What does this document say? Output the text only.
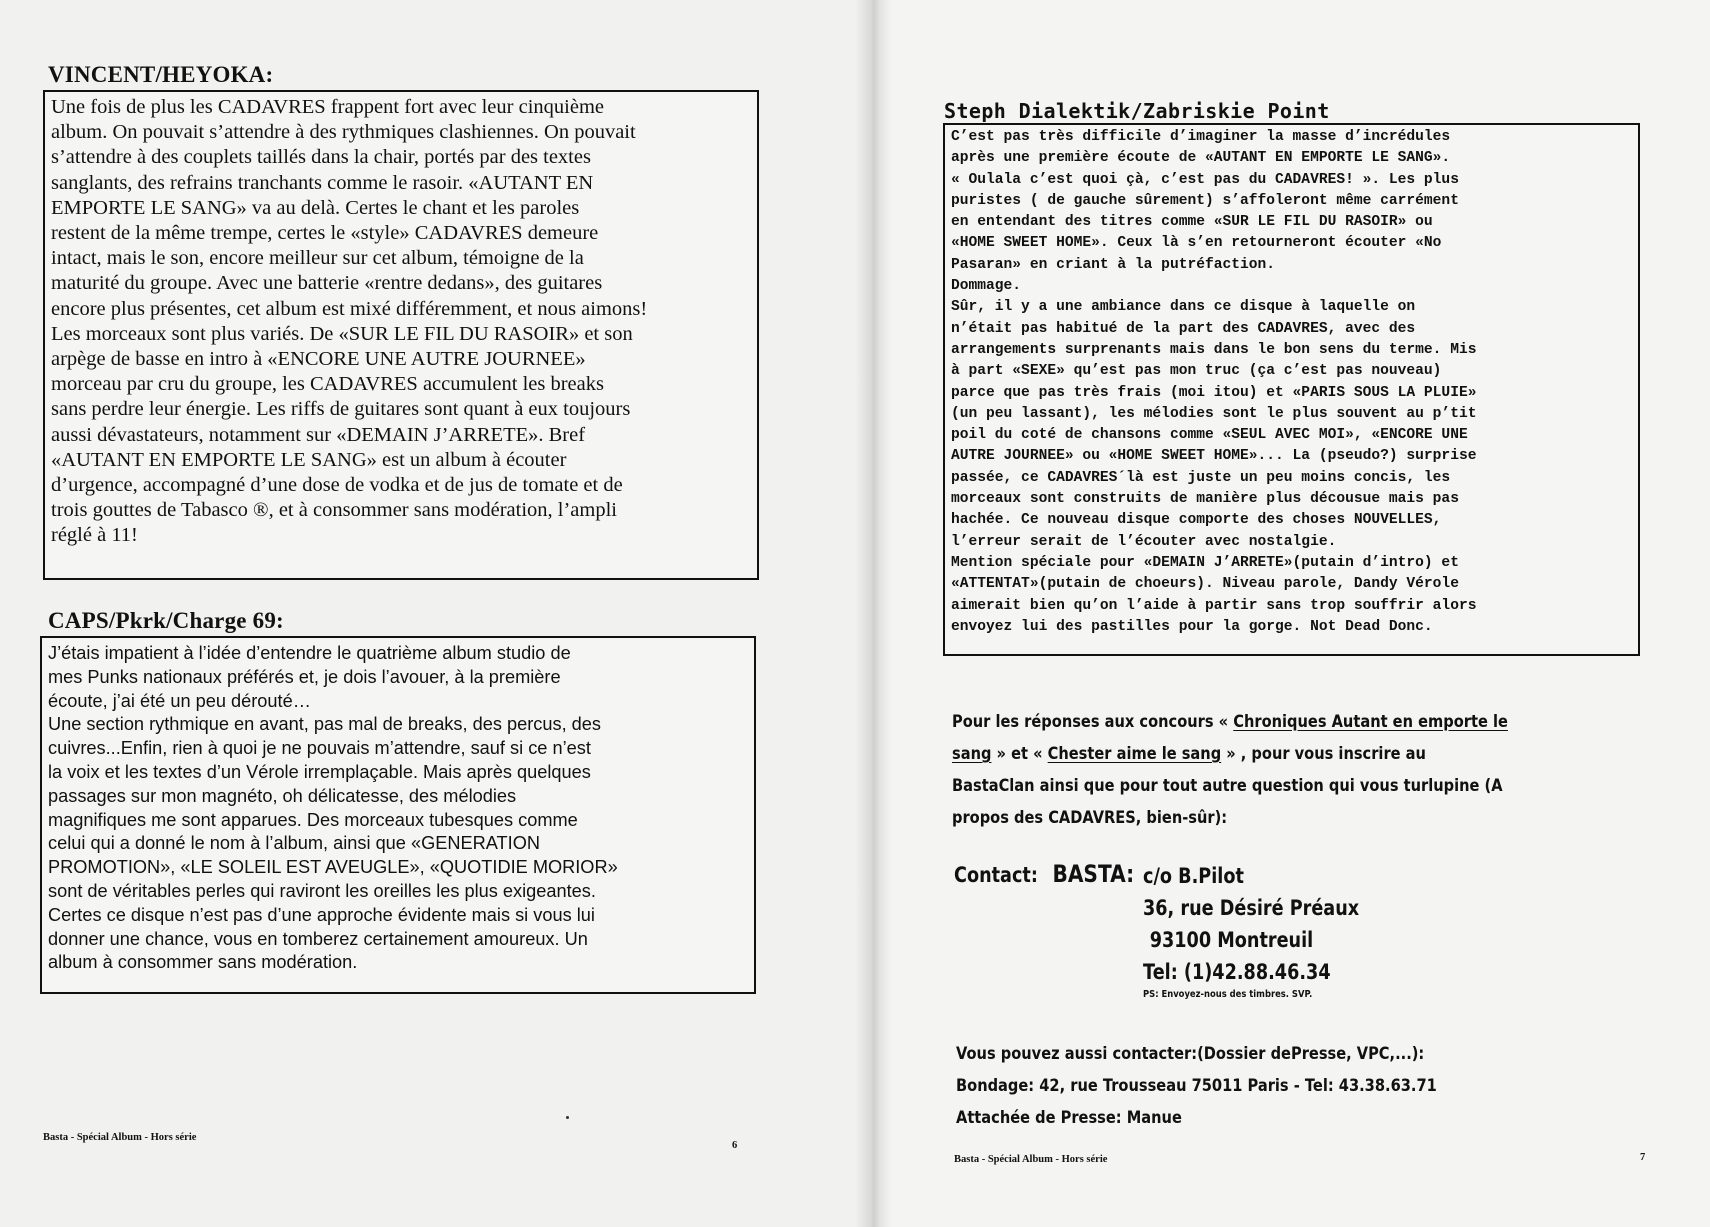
VINCENT/HEYOKA:

Une fois de plus les CADAVRES frappent fort avec leur cinquième

album. On pouvait s’attendre à des rythmiques clashiennes. On pouvait

s’attendre à des couplets taillés dans la chair, portés par des textes

sanglants, des refrains tranchants comme le rasoir. «AUTANT EN

EMPORTE LE SANG» va au delà. Certes le chant et les paroles

restent de la même trempe, certes le «style» CADAVRES demeure

intact, mais le son, encore meilleur sur cet album, témoigne de la

maturité du groupe. Avec une batterie «rentre dedans», des guitares

encore plus présentes, cet album est mixé différemment, et nous aimons!

Les morceaux sont plus variés. De «SUR LE FIL DU RASOIR» et son

arpège de basse en intro à «ENCORE UNE AUTRE JOURNEE»

morceau par cru du groupe, les CADAVRES accumulent les breaks

sans perdre leur énergie. Les riffs de guitares sont quant à eux toujours

aussi dévastateurs, notamment sur «DEMAIN J’ARRETE». Bref

«AUTANT EN EMPORTE LE SANG» est un album à écouter

d’urgence, accompagné d’une dose de vodka et de jus de tomate et de

trois gouttes de Tabasco ®, et à consommer sans modération, l’ampli

réglé à 11!

CAPS/Pkrk/Charge 69:

J’étais impatient à l’idée d’entendre le quatrième album studio de

mes Punks nationaux préférés et, je dois l’avouer, à la première

écoute, j’ai été un peu dérouté…

Une section rythmique en avant, pas mal de breaks, des percus, des

cuivres...Enfin, rien à quoi je ne pouvais m’attendre, sauf si ce n’est

la voix et les textes d’un Vérole irremplaçable. Mais après quelques

passages sur mon magnéto, oh délicatesse, des mélodies

magnifiques me sont apparues. Des morceaux tubesques comme

celui qui a donné le nom à l’album, ainsi que «GENERATION

PROMOTION», «LE SOLEIL EST AVEUGLE», «QUOTIDIE MORIOR»

sont de véritables perles qui raviront les oreilles les plus exigeantes.

Certes ce disque n’est pas d’une approche évidente mais si vous lui

donner une chance, vous en tomberez certainement amoureux. Un

album à consommer sans modération.

Basta - Spécial Album - Hors série
6
Steph Dialektik/Zabriskie Point

C’est pas très difficile d’imaginer la masse d’incrédules

après une première écoute de «AUTANT EN EMPORTE LE SANG».

« Oulala c’est quoi çà, c’est pas du CADAVRES! ». Les plus

puristes ( de gauche sûrement) s’affoleront même carrément

en entendant des titres comme «SUR LE FIL DU RASOIR» ou

«HOME SWEET HOME». Ceux là s’en retourneront écouter «No

Pasaran» en criant à la putréfaction.

Dommage.

Sûr, il y a une ambiance dans ce disque à laquelle on

n’était pas habitué de la part des CADAVRES, avec des

arrangements surprenants mais dans le bon sens du terme. Mis

à part «SEXE» qu’est pas mon truc (ça c’est pas nouveau)

parce que pas très frais (moi itou) et «PARIS SOUS LA PLUIE»

(un peu lassant), les mélodies sont le plus souvent au p’tit

poil du coté de chansons comme «SEUL AVEC MOI», «ENCORE UNE

AUTRE JOURNEE» ou «HOME SWEET HOME»... La (pseudo?) surprise

passée, ce CADAVRES´là est juste un peu moins concis, les

morceaux sont construits de manière plus décousue mais pas

hachée. Ce nouveau disque comporte des choses NOUVELLES,

l’erreur serait de l’écouter avec nostalgie.

Mention spéciale pour «DEMAIN J’ARRETE»(putain d’intro) et

«ATTENTAT»(putain de choeurs). Niveau parole, Dandy Vérole

aimerait bien qu’on l’aide à partir sans trop souffrir alors

envoyez lui des pastilles pour la gorge. Not Dead Donc.

Pour les réponses aux concours « Chroniques Autant en emporte le
sang » et « Chester aime le sang » , pour vous inscrire au
BastaClan ainsi que pour tout autre question qui vous turlupine (A
propos des CADAVRES, bien-sûr):
Contact: BASTA: c/o B.Pilot
36, rue Désiré Préaux
93100 Montreuil
Tel: (1)42.88.46.34
PS: Envoyez-nous des timbres. SVP.
Vous pouvez aussi contacter:(Dossier dePresse, VPC,...):
Bondage: 42, rue Trousseau 75011 Paris - Tel: 43.38.63.71
Attachée de Presse: Manue
Basta - Spécial Album - Hors série	7
